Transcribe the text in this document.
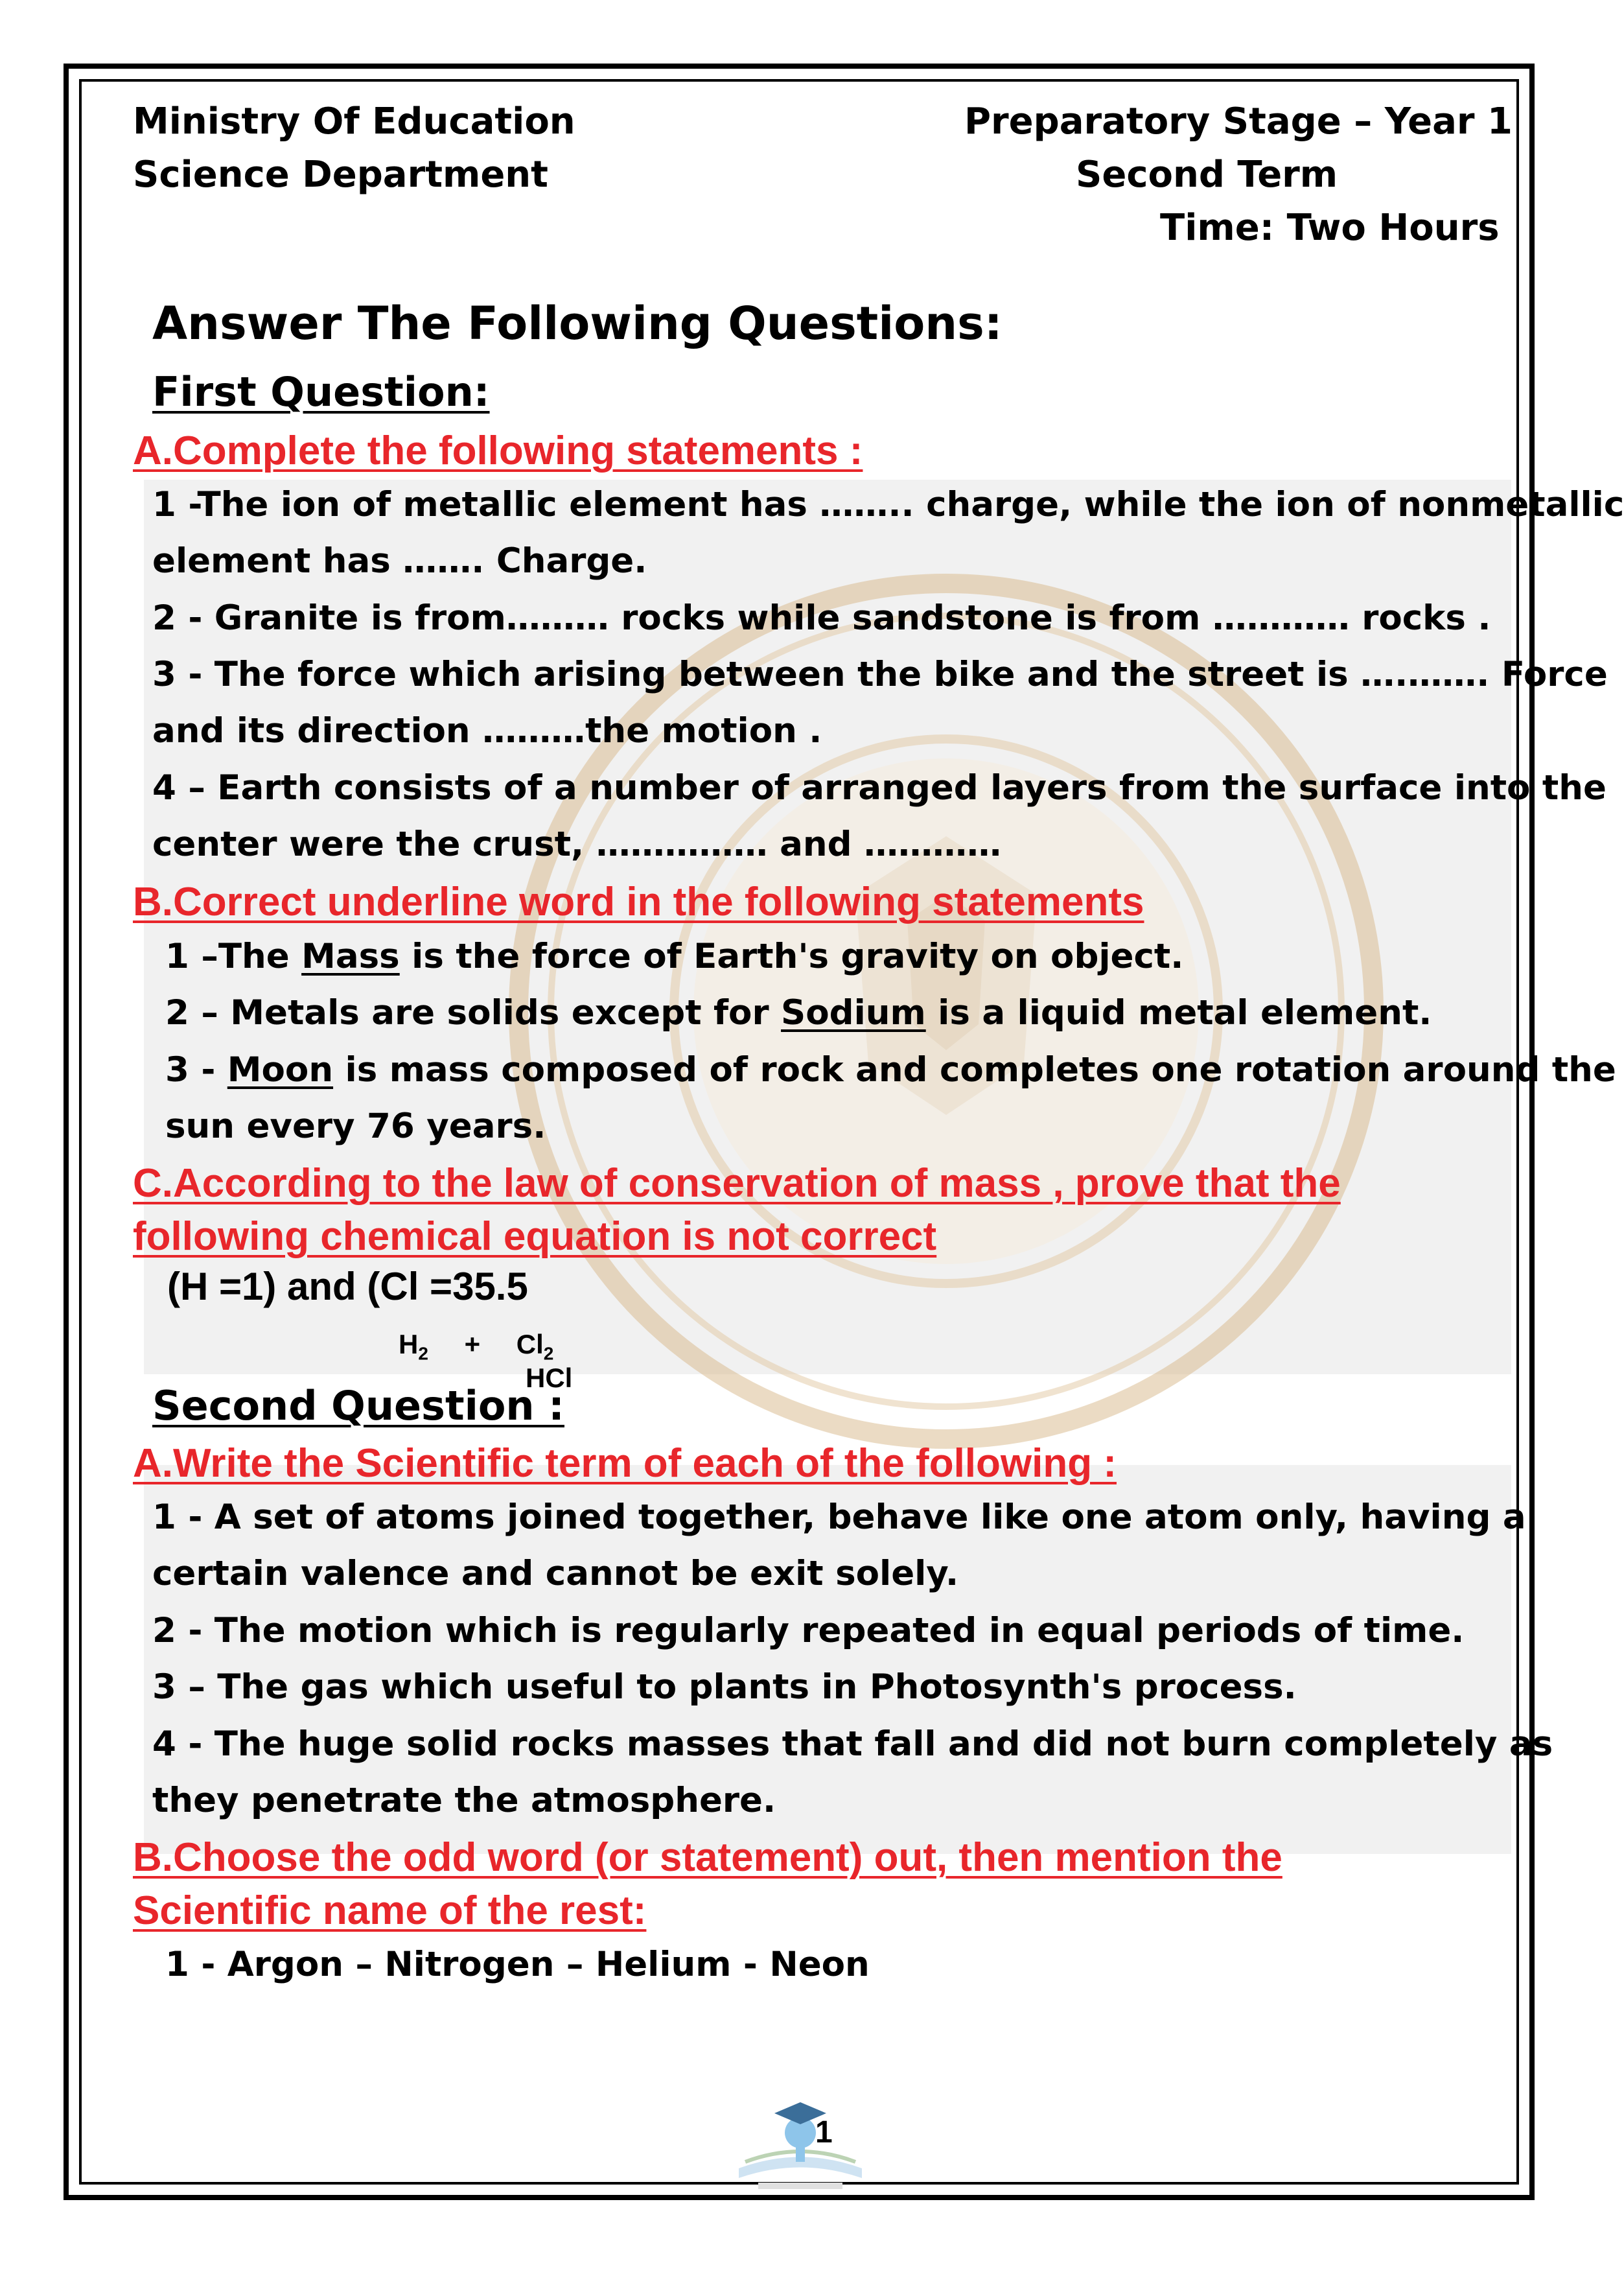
Ministry Of Education
Science Department
Preparatory Stage – Year 1
Second Term
Time: Two Hours
Answer The Following Questions:
First Question:
A.Complete the following statements :
1 -The ion of metallic element has …….. charge, while the ion of nonmetallic
element has ……. Charge.
2 - Granite is from……… rocks while sandstone is from ………… rocks .
3 - The force which arising between the bike and the street is ….……. Force
and its direction ………the motion .
4 – Earth consists of a number of arranged layers from the surface into the
center were the crust, …………… and …………
B.Correct underline word in the following statements
1 –The Mass is the force of Earth's gravity on object.
2 – Metals are solids except for Sodium is a liquid metal element.
3 - Moon is mass composed of rock and completes one rotation around the
sun every 76 years.
C.According to the law of conservation of mass , prove that the
following chemical equation is not correct
(H =1) and (Cl =35.5
$H_2 + Cl_2$
HCl
Second Question :
A.Write the Scientific term of each of the following :
1 - A set of atoms joined together, behave like one atom only, having a
certain valence and cannot be exit solely.
2 - The motion which is regularly repeated in equal periods of time.
3 – The gas which useful to plants in Photosynth's process.
4 - The huge solid rocks masses that fall and did not burn completely as
they penetrate the atmosphere.
B.Choose the odd word (or statement) out, then mention the
Scientific name of the rest:
1 - Argon – Nitrogen – Helium - Neon
1
